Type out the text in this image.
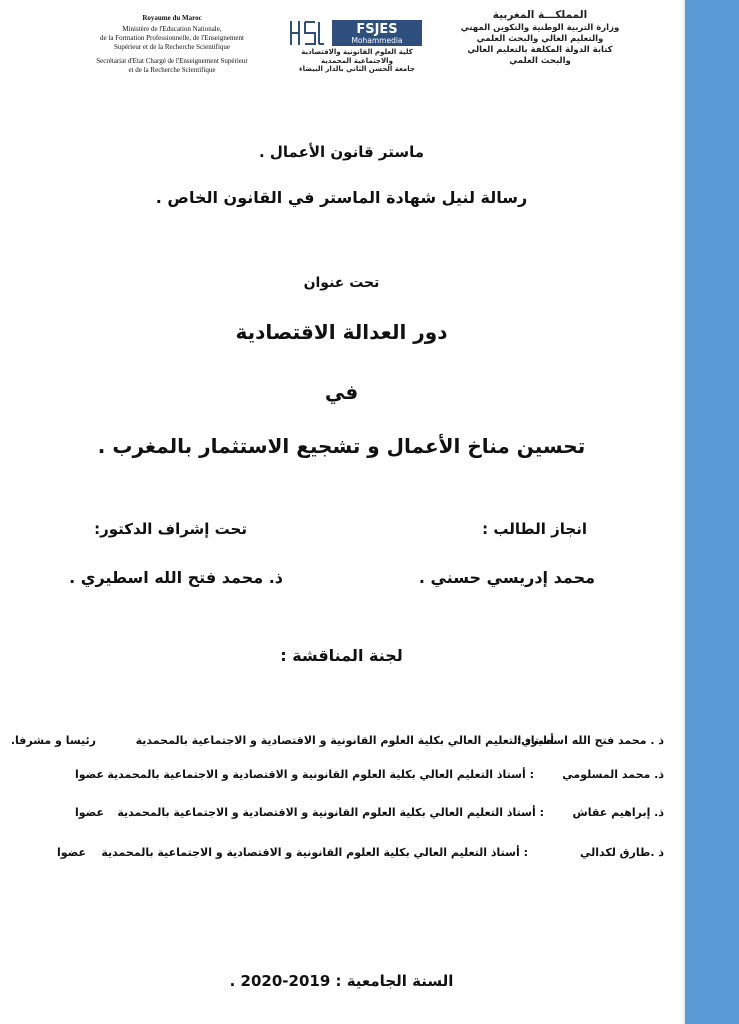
Royaume du Maroc
Ministère de l'Education Nationale,
de la Formation Professionnelle, de l'Enseignement
Supérieur et de la Recherche Scientifique
Secrétariat d'Etat Chargé de l'Enseignement Supérieur
et de la Recherche Scientifique
FSJES
Mohammedia
كلية العلوم القانونية والاقتصادية
والاجتماعية المحمدية
جامعة الحسن الثاني بالدار البيضاء
المملكـــة المغربية
وزارة التربية الوطنية والتكوين المهني
والتعليم العالي والبحث العلمي
كتابة الدولة المكلفة بالتعليم العالي
والبحث العلمي
ماستر قانون الأعمال .
رسالة لنيل شهادة الماستر في القانون الخاص .
تحت عنوان
دور العدالة الاقتصادية
في
تحسين مناخ الأعمال و تشجيع الاستثمار بالمغرب .
انجاز الطالب :
محمد إدريسي حسني .
تحت إشراف الدكتور:
ذ. محمد فتح الله اسطيري .
لجنة المناقشة :
ذ . محمد فتح الله اسطيري:
أستاذ التعليم العالي بكلية العلوم القانونية و الاقتصادية و الاجتماعية بالمحمدية
رئيسا و مشرفا.
ذ. محمد المسلومي
: أستاذ التعليم العالي بكلية العلوم القانونية و الاقتصادية و الاجتماعية بالمحمدية
عضوا
ذ. إبراهيم عقاش
: أستاذ التعليم العالي بكلية العلوم القانونية و الاقتصادية و الاجتماعية بالمحمدية
عضوا
ذ .طارق لكدالي
: أستاذ التعليم العالي بكلية العلوم القانونية و الاقتصادية و الاجتماعية بالمحمدية
عضوا
السنة الجامعية : 2019-2020 .
